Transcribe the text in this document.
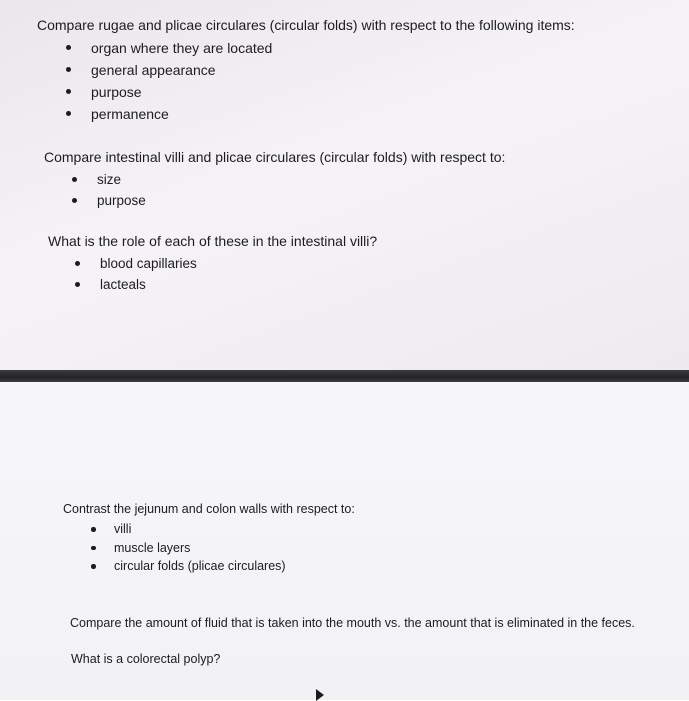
Compare rugae and plicae circulares (circular folds) with respect to the following items:
organ where they are located
general appearance
purpose
permanence
Compare intestinal villi and plicae circulares (circular folds) with respect to:
size
purpose
What is the role of each of these in the intestinal villi?
blood capillaries
lacteals
Contrast the jejunum and colon walls with respect to:
villi
muscle layers
circular folds (plicae circulares)
Compare the amount of fluid that is taken into the mouth vs. the amount that is eliminated in the feces.
What is a colorectal polyp?
